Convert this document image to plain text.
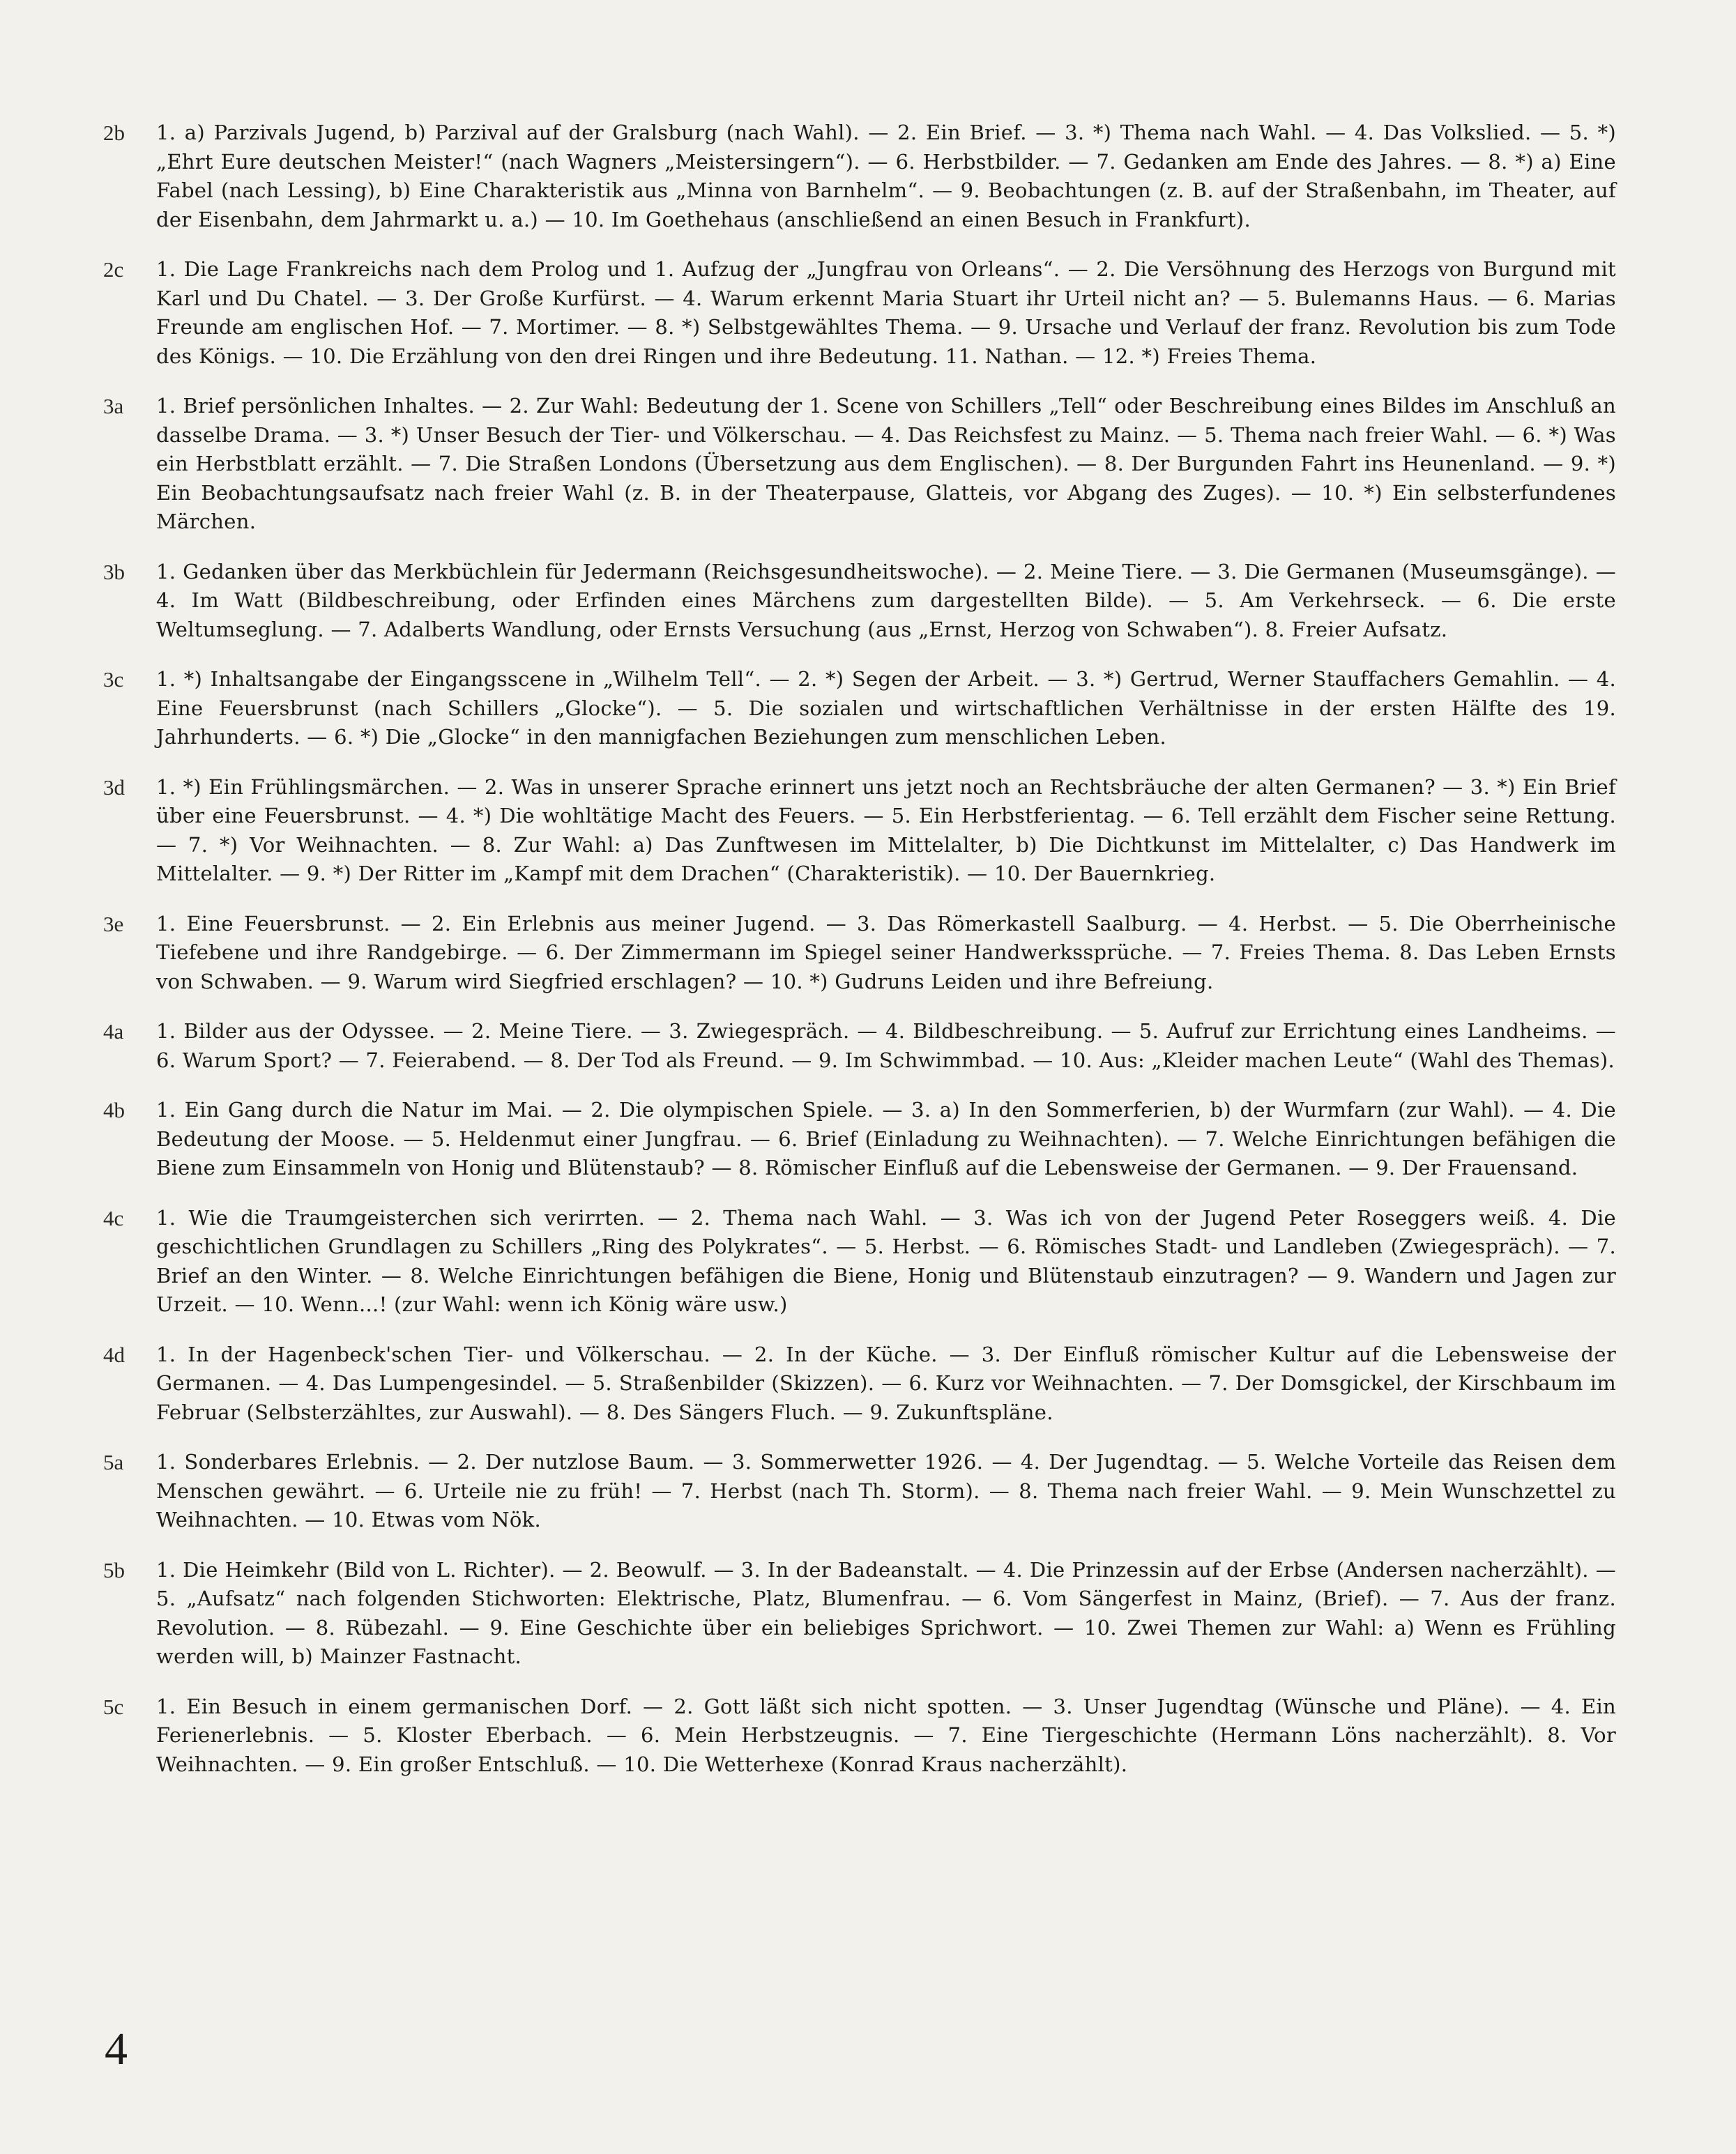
2b	1. a) Parzivals Jugend, b) Parzival auf der Gralsburg (nach Wahl). — 2. Ein Brief. — 3. *) Thema nach Wahl. — 4. Das Volkslied. — 5. *) „Ehrt Eure deutschen Meister!“ (nach Wagners „Meistersingern“). — 6. Herbstbilder. — 7. Gedanken am Ende des Jahres. — 8. *) a) Eine Fabel (nach Lessing), b) Eine Charakteristik aus „Minna von Barnhelm“. — 9. Beobachtungen (z. B. auf der Straßenbahn, im Theater, auf der Eisenbahn, dem Jahrmarkt u. a.) — 10. Im Goethehaus (anschließend an einen Besuch in Frankfurt).
2c	1. Die Lage Frankreichs nach dem Prolog und 1. Aufzug der „Jungfrau von Orleans“. — 2. Die Versöhnung des Herzogs von Burgund mit Karl und Du Chatel. — 3. Der Große Kurfürst. — 4. Warum erkennt Maria Stuart ihr Urteil nicht an? — 5. Bulemanns Haus. — 6. Marias Freunde am englischen Hof. — 7. Mortimer. — 8. *) Selbstgewähltes Thema. — 9. Ursache und Verlauf der franz. Revolution bis zum Tode des Königs. — 10. Die Erzählung von den drei Ringen und ihre Bedeutung. 11. Nathan. — 12. *) Freies Thema.
3a	1. Brief persönlichen Inhaltes. — 2. Zur Wahl: Bedeutung der 1. Scene von Schillers „Tell“ oder Beschreibung eines Bildes im Anschluß an dasselbe Drama. — 3. *) Unser Besuch der Tier- und Völkerschau. — 4. Das Reichsfest zu Mainz. — 5. Thema nach freier Wahl. — 6. *) Was ein Herbstblatt erzählt. — 7. Die Straßen Londons (Übersetzung aus dem Englischen). — 8. Der Burgunden Fahrt ins Heunenland. — 9. *) Ein Beobachtungsaufsatz nach freier Wahl (z. B. in der Theaterpause, Glatteis, vor Abgang des Zuges). — 10. *) Ein selbsterfundenes Märchen.
3b	1. Gedanken über das Merkbüchlein für Jedermann (Reichsgesundheitswoche). — 2. Meine Tiere. — 3. Die Germanen (Museumsgänge). — 4. Im Watt (Bildbeschreibung, oder Erfinden eines Märchens zum dargestellten Bilde). — 5. Am Verkehrseck. — 6. Die erste Weltumseglung. — 7. Adalberts Wandlung, oder Ernsts Versuchung (aus „Ernst, Herzog von Schwaben“). 8. Freier Aufsatz.
3c	1. *) Inhaltsangabe der Eingangsscene in „Wilhelm Tell“. — 2. *) Segen der Arbeit. — 3. *) Gertrud, Werner Stauffachers Gemahlin. — 4. Eine Feuersbrunst (nach Schillers „Glocke“). — 5. Die sozialen und wirtschaftlichen Verhältnisse in der ersten Hälfte des 19. Jahrhunderts. — 6. *) Die „Glocke“ in den mannigfachen Beziehungen zum menschlichen Leben.
3d	1. *) Ein Frühlingsmärchen. — 2. Was in unserer Sprache erinnert uns jetzt noch an Rechtsbräuche der alten Germanen? — 3. *) Ein Brief über eine Feuersbrunst. — 4. *) Die wohltätige Macht des Feuers. — 5. Ein Herbstferientag. — 6. Tell erzählt dem Fischer seine Rettung. — 7. *) Vor Weihnachten. — 8. Zur Wahl: a) Das Zunftwesen im Mittelalter, b) Die Dichtkunst im Mittelalter, c) Das Handwerk im Mittelalter. — 9. *) Der Ritter im „Kampf mit dem Drachen“ (Charakteristik). — 10. Der Bauernkrieg.
3e	1. Eine Feuersbrunst. — 2. Ein Erlebnis aus meiner Jugend. — 3. Das Römerkastell Saalburg. — 4. Herbst. — 5. Die Oberrheinische Tiefebene und ihre Randgebirge. — 6. Der Zimmermann im Spiegel seiner Handwerkssprüche. — 7. Freies Thema. 8. Das Leben Ernsts von Schwaben. — 9. Warum wird Siegfried erschlagen? — 10. *) Gudruns Leiden und ihre Befreiung.
4a	1. Bilder aus der Odyssee. — 2. Meine Tiere. — 3. Zwiegespräch. — 4. Bildbeschreibung. — 5. Aufruf zur Errichtung eines Landheims. — 6. Warum Sport? — 7. Feierabend. — 8. Der Tod als Freund. — 9. Im Schwimmbad. — 10. Aus: „Kleider machen Leute“ (Wahl des Themas).
4b	1. Ein Gang durch die Natur im Mai. — 2. Die olympischen Spiele. — 3. a) In den Sommerferien, b) der Wurmfarn (zur Wahl). — 4. Die Bedeutung der Moose. — 5. Heldenmut einer Jungfrau. — 6. Brief (Einladung zu Weihnachten). — 7. Welche Einrichtungen befähigen die Biene zum Einsammeln von Honig und Blütenstaub? — 8. Römischer Einfluß auf die Lebensweise der Germanen. — 9. Der Frauensand.
4c	1. Wie die Traumgeisterchen sich verirrten. — 2. Thema nach Wahl. — 3. Was ich von der Jugend Peter Roseggers weiß. 4. Die geschichtlichen Grundlagen zu Schillers „Ring des Polykrates“. — 5. Herbst. — 6. Römisches Stadt- und Landleben (Zwiegespräch). — 7. Brief an den Winter. — 8. Welche Einrichtungen befähigen die Biene, Honig und Blütenstaub einzutragen? — 9. Wandern und Jagen zur Urzeit. — 10. Wenn...! (zur Wahl: wenn ich König wäre usw.)
4d	1. In der Hagenbeck'schen Tier- und Völkerschau. — 2. In der Küche. — 3. Der Einfluß römischer Kultur auf die Lebensweise der Germanen. — 4. Das Lumpengesindel. — 5. Straßenbilder (Skizzen). — 6. Kurz vor Weihnachten. — 7. Der Domsgickel, der Kirschbaum im Februar (Selbsterzähltes, zur Auswahl). — 8. Des Sängers Fluch. — 9. Zukunftspläne.
5a	1. Sonderbares Erlebnis. — 2. Der nutzlose Baum. — 3. Sommerwetter 1926. — 4. Der Jugendtag. — 5. Welche Vorteile das Reisen dem Menschen gewährt. — 6. Urteile nie zu früh! — 7. Herbst (nach Th. Storm). — 8. Thema nach freier Wahl. — 9. Mein Wunschzettel zu Weihnachten. — 10. Etwas vom Nök.
5b	1. Die Heimkehr (Bild von L. Richter). — 2. Beowulf. — 3. In der Badeanstalt. — 4. Die Prinzessin auf der Erbse (Andersen nacherzählt). — 5. „Aufsatz“ nach folgenden Stichworten: Elektrische, Platz, Blumenfrau. — 6. Vom Sängerfest in Mainz, (Brief). — 7. Aus der franz. Revolution. — 8. Rübezahl. — 9. Eine Geschichte über ein beliebiges Sprichwort. — 10. Zwei Themen zur Wahl: a) Wenn es Frühling werden will, b) Mainzer Fastnacht.
5c	1. Ein Besuch in einem germanischen Dorf. — 2. Gott läßt sich nicht spotten. — 3. Unser Jugendtag (Wünsche und Pläne). — 4. Ein Ferienerlebnis. — 5. Kloster Eberbach. — 6. Mein Herbstzeugnis. — 7. Eine Tiergeschichte (Hermann Löns nacherzählt). 8. Vor Weihnachten. — 9. Ein großer Entschluß. — 10. Die Wetterhexe (Konrad Kraus nacherzählt).
4
